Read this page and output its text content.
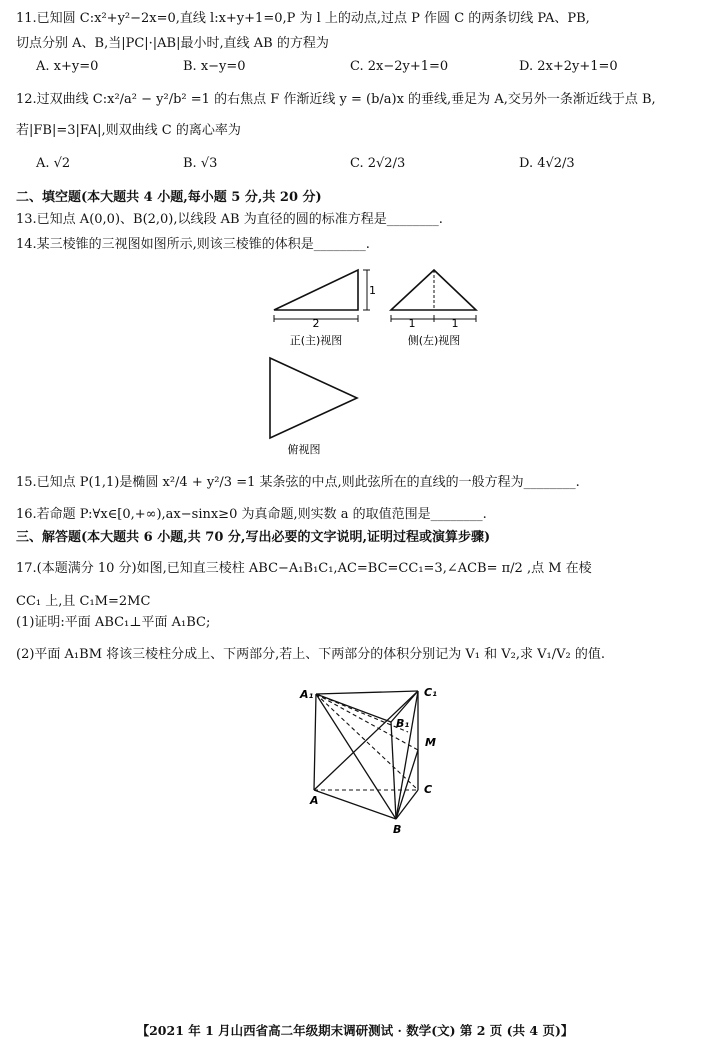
11.已知圆 C:x²+y²−2x=0,直线 l:x+y+1=0,P 为 l 上的动点,过点 P 作圆 C 的两条切线 PA、PB,
切点分别 A、B,当|PC|·|AB|最小时,直线 AB 的方程为
A. x+y=0	B. x−y=0	C. 2x−2y+1=0	D. 2x+2y+1=0
12.过双曲线 C:x²/a² − y²/b² =1 的右焦点 F 作渐近线 y = (b/a)x 的垂线,垂足为 A,交另外一条渐近线于点 B,
若|FB|=3|FA|,则双曲线 C 的离心率为
A. √2	B. √3	C. 2√2/3	D. 4√2/3
二、填空题(本大题共 4 小题,每小题 5 分,共 20 分)
13.已知点 A(0,0)、B(2,0),以线段 AB 为直径的圆的标准方程是________.
14.某三棱锥的三视图如图所示,则该三棱锥的体积是________.
2
1
正(主)视图
1	1
侧(左)视图
俯视图
15.已知点 P(1,1)是椭圆 x²/4 + y²/3 =1 某条弦的中点,则此弦所在的直线的一般方程为________.
16.若命题 P:∀x∈[0,+∞),ax−sinx≥0 为真命题,则实数 a 的取值范围是________.
三、解答题(本大题共 6 小题,共 70 分,写出必要的文字说明,证明过程或演算步骤)
17.(本题满分 10 分)如图,已知直三棱柱 ABC−A₁B₁C₁,AC=BC=CC₁=3,∠ACB= π/2 ,点 M 在棱
CC₁ 上,且 C₁M=2MC
(1)证明:平面 ABC₁⊥平面 A₁BC;
(2)平面 A₁BM 将该三棱柱分成上、下两部分,若上、下两部分的体积分别记为 V₁ 和 V₂,求 V₁/V₂ 的值.
A₁	C₁
B₁
M
A
C
B
【2021 年 1 月山西省高二年级期末调研测试 · 数学(文) 第 2 页 (共 4 页)】
